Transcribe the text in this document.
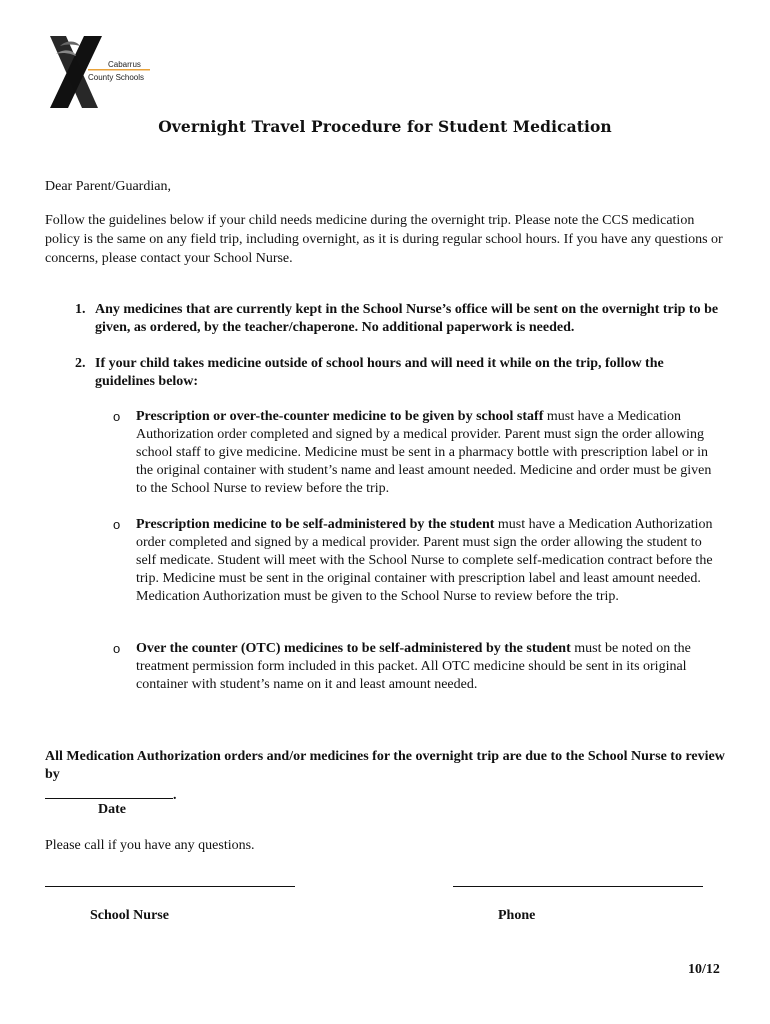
Cabarrus
County Schools
Overnight Travel Procedure for Student Medication

Dear Parent/Guardian,

Follow the guidelines below if your child needs medicine during the overnight trip. Please note the CCS medication policy is the same on any field trip, including overnight, as it is during regular school hours. If you have any questions or concerns, please contact your School Nurse.

1. Any medicines that are currently kept in the School Nurse’s office will be sent on the overnight trip to be given, as ordered, by the teacher/chaperone. No additional paperwork is needed.
2. If your child takes medicine outside of school hours and will need it while on the trip, follow the guidelines below:
o	Prescription or over-the-counter medicine to be given by school staff must have a Medication Authorization order completed and signed by a medical provider. Parent must sign the order allowing school staff to give medicine. Medicine must be sent in a pharmacy bottle with prescription label or in the original container with student’s name and least amount needed. Medicine and order must be given to the School Nurse to review before the trip.
o	Prescription medicine to be self-administered by the student must have a Medication Authorization order completed and signed by a medical provider. Parent must sign the order allowing the student to self medicate. Student will meet with the School Nurse to complete self-medication contract before the trip. Medicine must be sent in the original container with prescription label and least amount needed. Medication Authorization must be given to the School Nurse to review before the trip.
o	Over the counter (OTC) medicines to be self-administered by the student must be noted on the treatment permission form included in this packet. All OTC medicine should be sent in its original container with student’s name on it and least amount needed.
All Medication Authorization orders and/or medicines for the overnight trip are due to the School Nurse to review by
.
Date
Please call if you have any questions.
School Nurse	Phone
10/12
